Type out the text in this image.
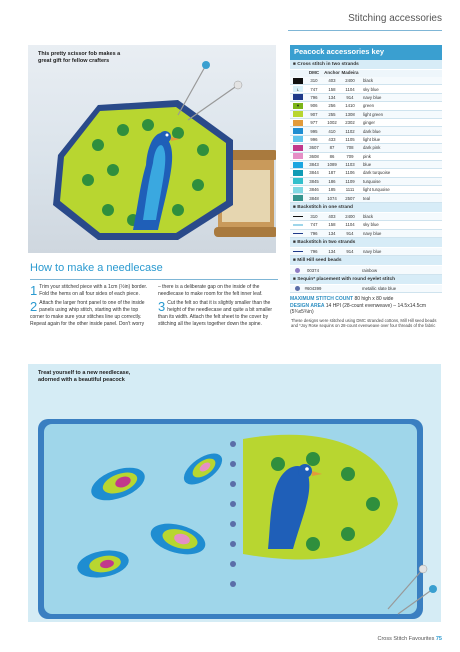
Stitching accessories
This pretty scissor fob makes a great gift for fellow crafters
Peacock accessories key
■ Cross stitch in two strands
DMC	Anchor Madeira
310	403	2400	black
L	747	158	1104	sky blue
796	134	914	navy blue
▼	906	256	1410	green
907	255	1308	light green
977	1002	2302	ginger
995	410	1102	dark blue
996	433	1105	light blue
3607	87	708	dark pink
3608	86	709	pink
3843	1089	1103	blue
3844	187	1106	dark turquoise
3845	186	1109	turquoise
3846	185	1111	light turquoise
3848	1074	2507	teal
■ Backstitch in one strand
310	403	2400	black
747	158	1104	sky blue
796	134	914	navy blue
■ Backstitch in two strands
796	134	914	navy blue
■ Mill Hill seed beads
00374	rainbow
■ Sequin* placement with round eyelet stitch
#604399	metallic slate blue
MAXIMUM STITCH COUNT 80 high x 80 wide
DESIGN AREA 14 HPI (28-count evenweave) – 14.5x14.5cm (5¾x5¾in)
These designs were stitched using DMC stranded cottons, Mill Hill seed beads and *Joy Rose sequins on 28-count evenweave over four threads of the fabric
How to make a needlecase
1 Trim your stitched piece with a 1cm (½in) border. Fold the hems on all four sides of each piece.
2 Attach the larger front panel to one of the inside panels using whip stitch, starting with the top corner to make sure your stitches line up correctly. Repeat again for the other inside panel. Don't worry
– there is a deliberate gap on the inside of the needlecase to make room for the felt inner leaf.
3 Cut the felt so that it is slightly smaller than the height of the needlecase and quite a bit smaller than its width. Attach the felt sheet to the cover by stitching all the layers together down the spine.
Treat yourself to a new needlecase, adorned with a beautiful peacock
Cross Stitch Favourites 75
